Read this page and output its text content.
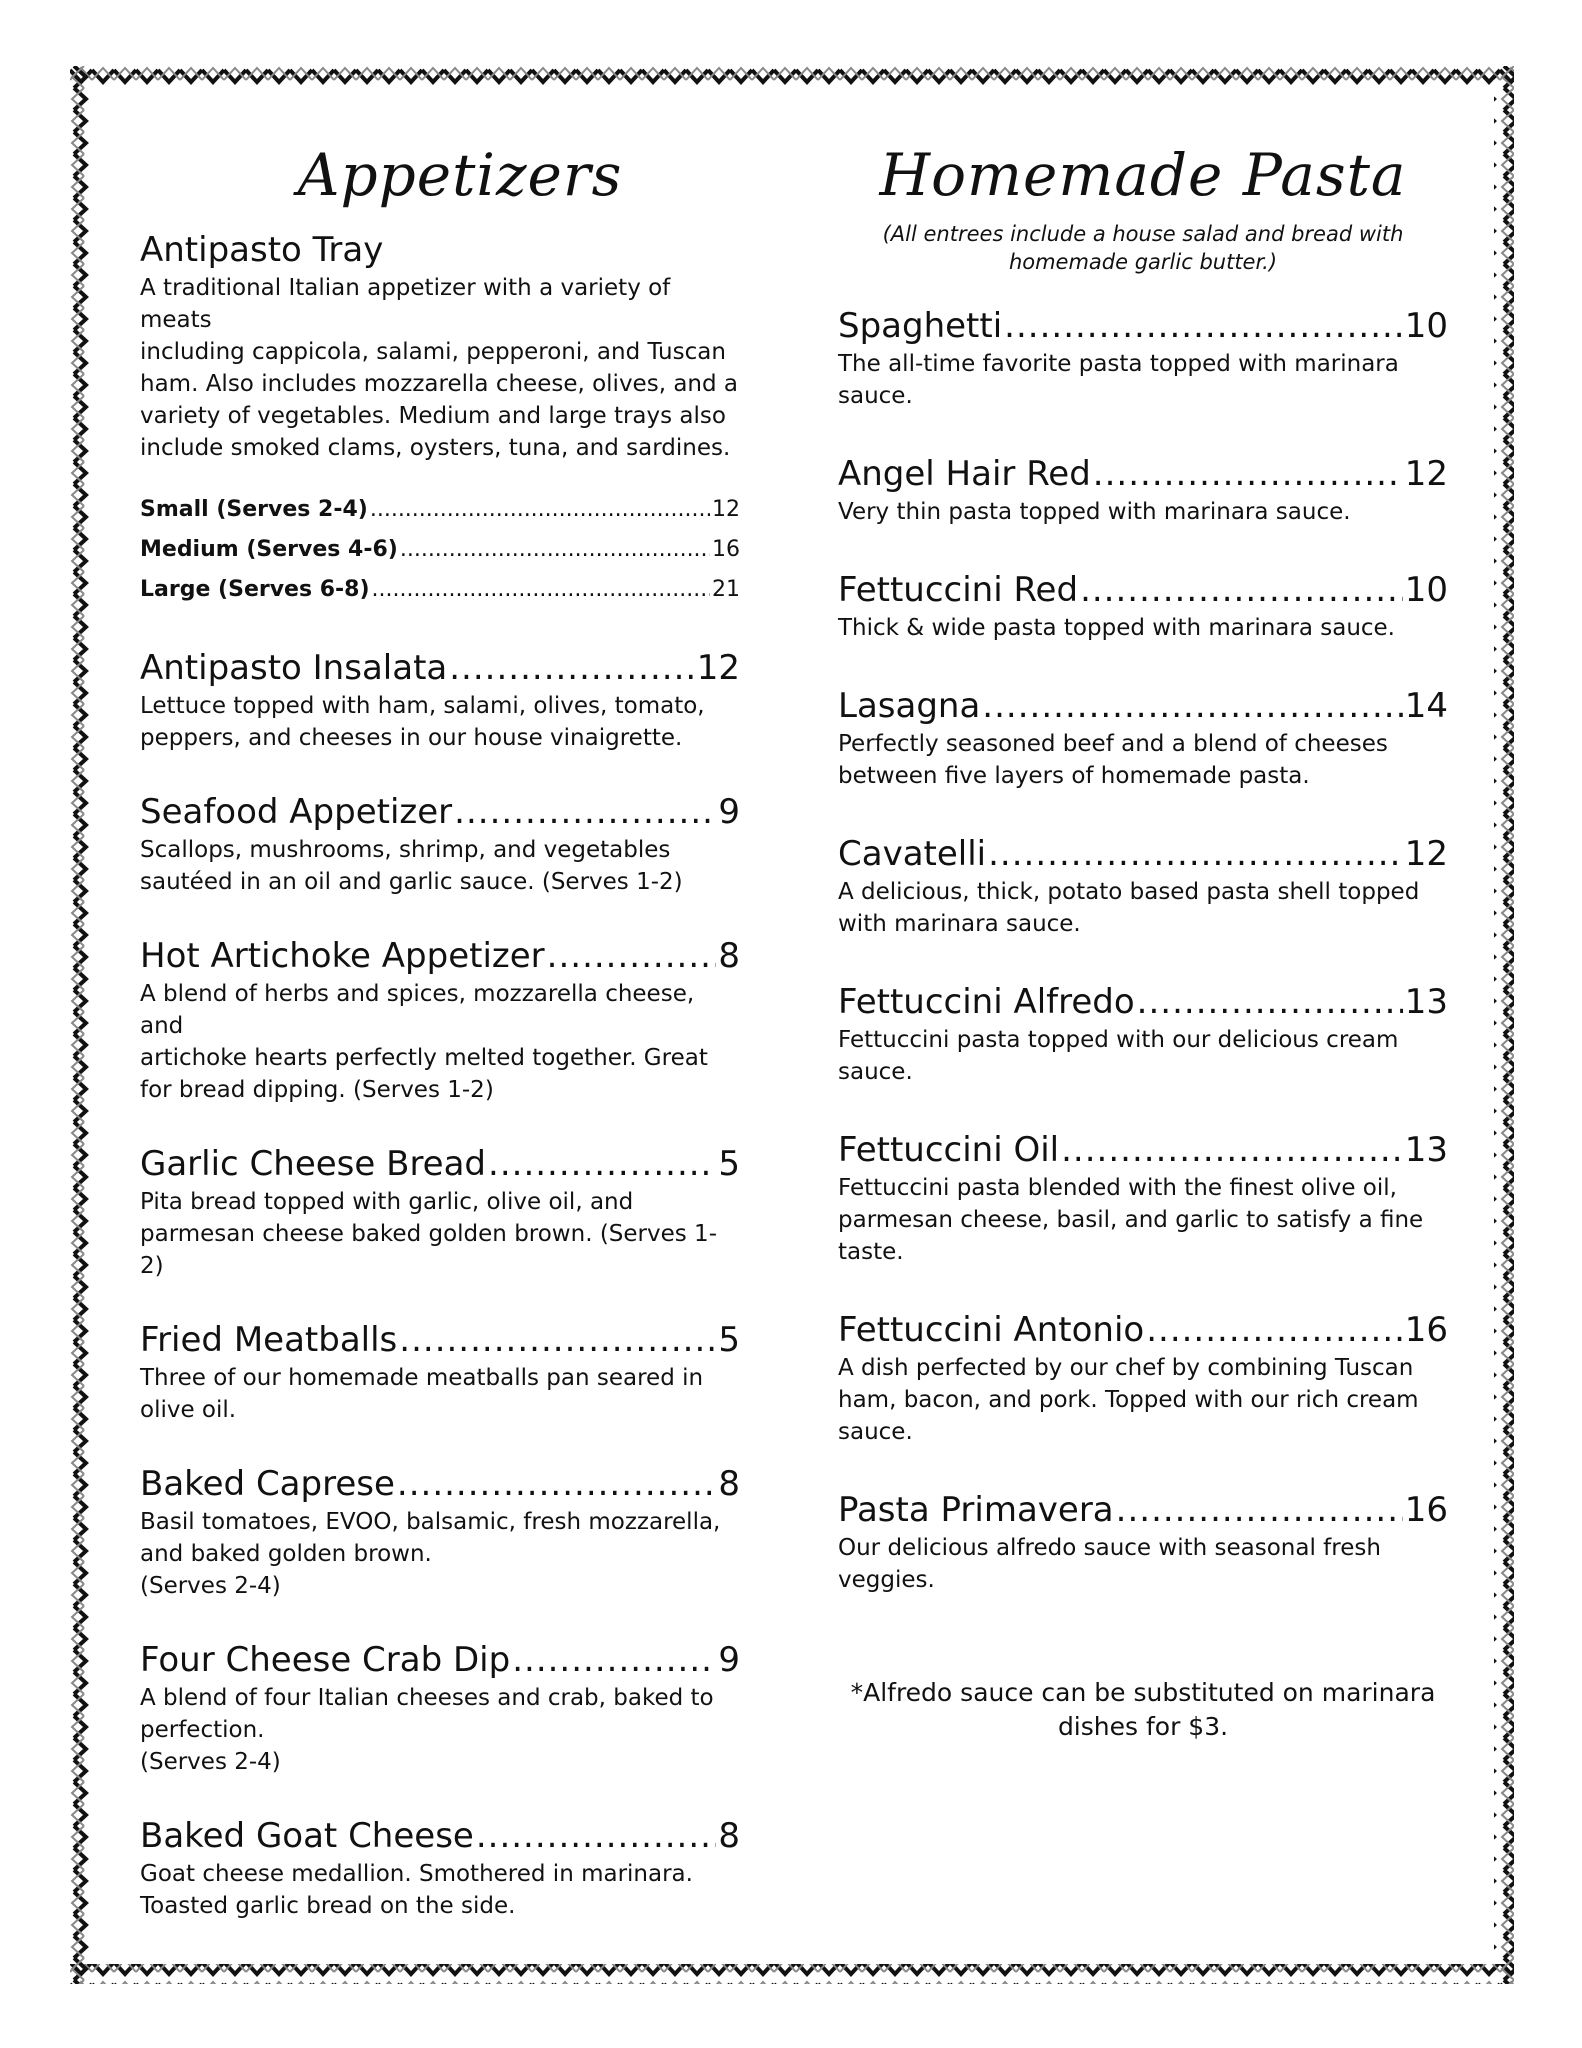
Appetizers
Antipasto Tray

A traditional Italian appetizer with a variety of meats
including cappicola, salami, pepperoni, and Tuscan
ham. Also includes mozzarella cheese, olives, and a
variety of vegetables. Medium and large trays also
include smoked clams, oysters, tuna, and sardines.

Small (Serves 2-4) .....	12
Medium (Serves 4-6) .....	16
Large (Serves 6-8) .....	21
Antipasto Insalata .....	12

Lettuce topped with ham, salami, olives, tomato,
peppers, and cheeses in our house vinaigrette.

Seafood Appetizer .....	9

Scallops, mushrooms, shrimp, and vegetables
sautéed in an oil and garlic sauce. (Serves 1-2)

Hot Artichoke Appetizer .....	8

A blend of herbs and spices, mozzarella cheese, and
artichoke hearts perfectly melted together. Great
for bread dipping. (Serves 1-2)

Garlic Cheese Bread .....	5

Pita bread topped with garlic, olive oil, and
parmesan cheese baked golden brown. (Serves 1-2)

Fried Meatballs .....	5

Three of our homemade meatballs pan seared in
olive oil.

Baked Caprese .....	8

Basil tomatoes, EVOO, balsamic, fresh mozzarella,
and baked golden brown.
(Serves 2-4)

Four Cheese Crab Dip .....	9

A blend of four Italian cheeses and crab, baked to
perfection.
(Serves 2-4)

Baked Goat Cheese .....	8

Goat cheese medallion. Smothered in marinara.
Toasted garlic bread on the side.

Homemade Pasta

(All entrees include a house salad and bread with
homemade garlic butter.)

Spaghetti .....	10

The all-time favorite pasta topped with marinara
sauce.

Angel Hair Red .....	12

Very thin pasta topped with marinara sauce.

Fettuccini Red .....	10

Thick & wide pasta topped with marinara sauce.

Lasagna .....	14

Perfectly seasoned beef and a blend of cheeses
between five layers of homemade pasta.

Cavatelli .....	12

A delicious, thick, potato based pasta shell topped
with marinara sauce.

Fettuccini Alfredo .....	13

Fettuccini pasta topped with our delicious cream
sauce.

Fettuccini Oil .....	13

Fettuccini pasta blended with the finest olive oil,
parmesan cheese, basil, and garlic to satisfy a fine
taste.

Fettuccini Antonio .....	16

A dish perfected by our chef by combining Tuscan
ham, bacon, and pork. Topped with our rich cream
sauce.

Pasta Primavera .....	16

Our delicious alfredo sauce with seasonal fresh
veggies.

*Alfredo sauce can be substituted on marinara
dishes for $3.
